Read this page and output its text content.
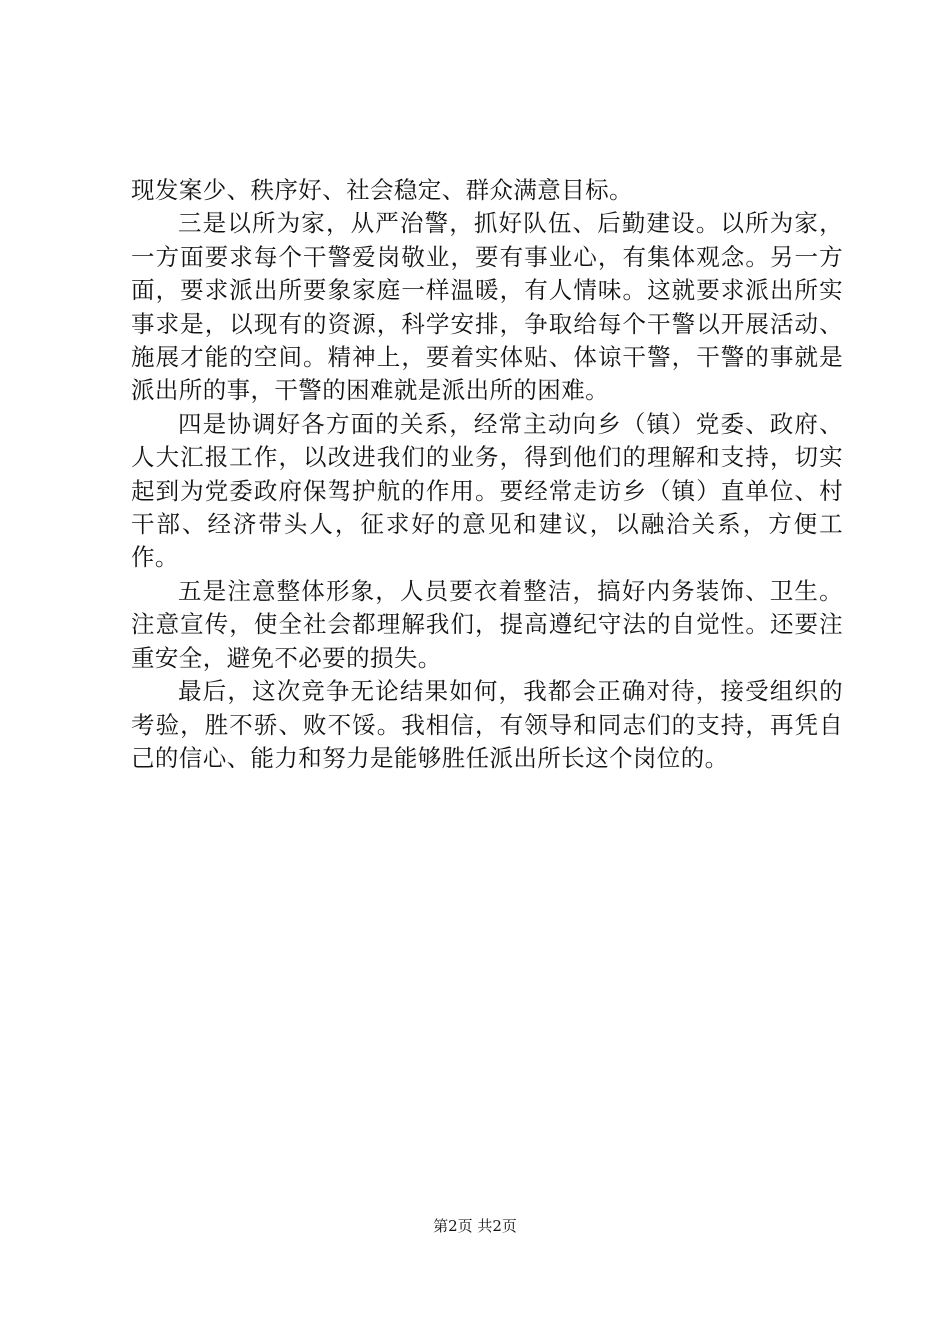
现发案少、秩序好、社会稳定、群众满意目标。

三是以所为家，从严治警，抓好队伍、后勤建设。以所为家，一方面要求每个干警爱岗敬业，要有事业心，有集体观念。另一方面，要求派出所要象家庭一样温暖，有人情味。这就要求派出所实事求是，以现有的资源，科学安排，争取给每个干警以开展活动、施展才能的空间。精神上，要着实体贴、体谅干警，干警的事就是派出所的事，干警的困难就是派出所的困难。

四是协调好各方面的关系，经常主动向乡（镇）党委、政府、人大汇报工作，以改进我们的业务，得到他们的理解和支持，切实起到为党委政府保驾护航的作用。要经常走访乡（镇）直单位、村干部、经济带头人，征求好的意见和建议，以融洽关系，方便工作。

五是注意整体形象，人员要衣着整洁，搞好内务装饰、卫生。注意宣传，使全社会都理解我们，提高遵纪守法的自觉性。还要注重安全，避免不必要的损失。

最后，这次竞争无论结果如何，我都会正确对待，接受组织的考验，胜不骄、败不馁。我相信，有领导和同志们的支持，再凭自己的信心、能力和努力是能够胜任派出所长这个岗位的。

第2页 共2页
